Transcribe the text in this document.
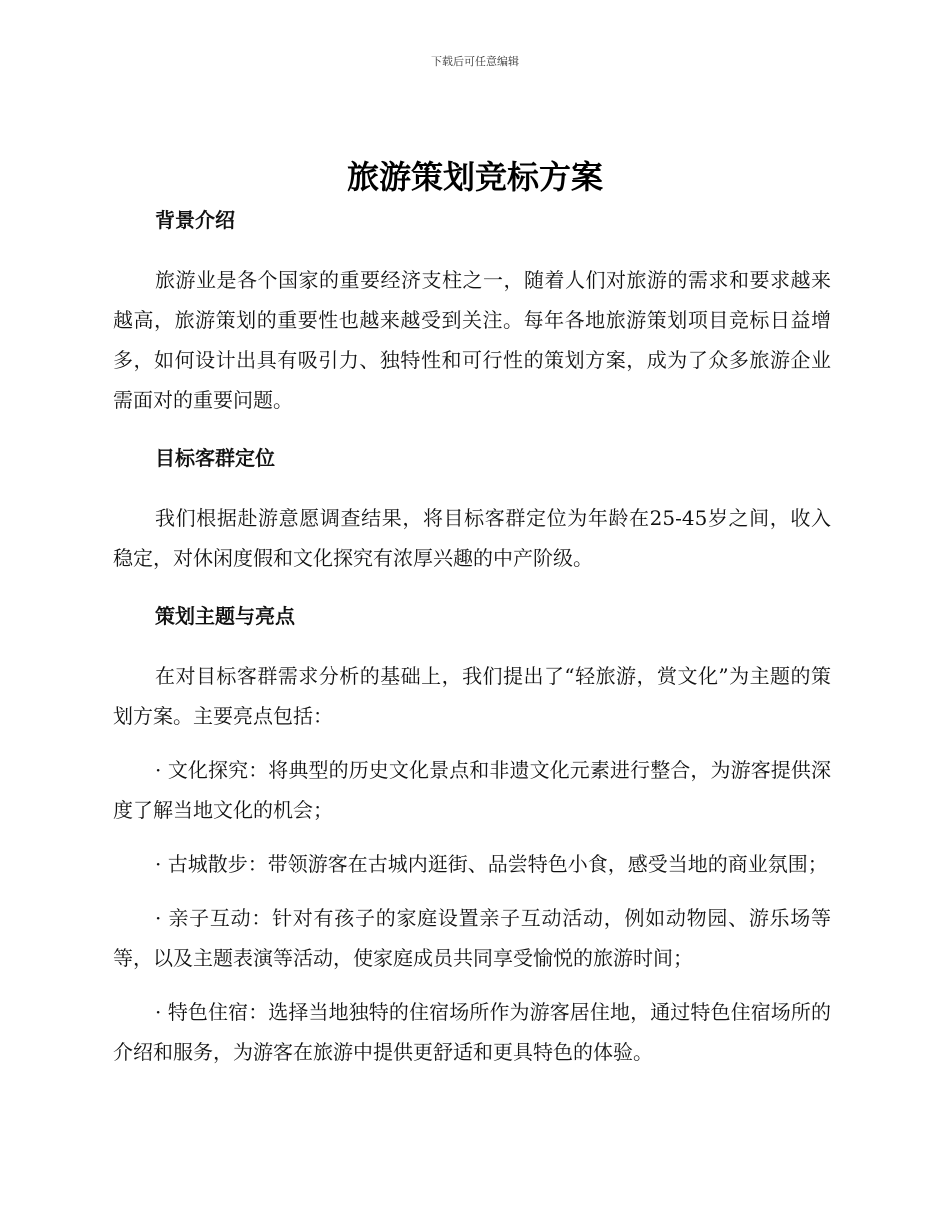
下载后可任意编辑
旅游策划竞标方案
背景介绍

旅游业是各个国家的重要经济支柱之一，随着人们对旅游的需求和要求越来越高，旅游策划的重要性也越来越受到关注。每年各地旅游策划项目竞标日益增多，如何设计出具有吸引力、独特性和可行性的策划方案，成为了众多旅游企业需面对的重要问题。

目标客群定位

我们根据赴游意愿调查结果，将目标客群定位为年龄在25-45岁之间，收入稳定，对休闲度假和文化探究有浓厚兴趣的中产阶级。

策划主题与亮点

在对目标客群需求分析的基础上，我们提出了“轻旅游，赏文化”为主题的策划方案。主要亮点包括：

· 文化探究：将典型的历史文化景点和非遗文化元素进行整合，为游客提供深度了解当地文化的机会；

· 古城散步：带领游客在古城内逛街、品尝特色小食，感受当地的商业氛围；

· 亲子互动：针对有孩子的家庭设置亲子互动活动，例如动物园、游乐场等等，以及主题表演等活动，使家庭成员共同享受愉悦的旅游时间；

· 特色住宿：选择当地独特的住宿场所作为游客居住地，通过特色住宿场所的介绍和服务，为游客在旅游中提供更舒适和更具特色的体验。
